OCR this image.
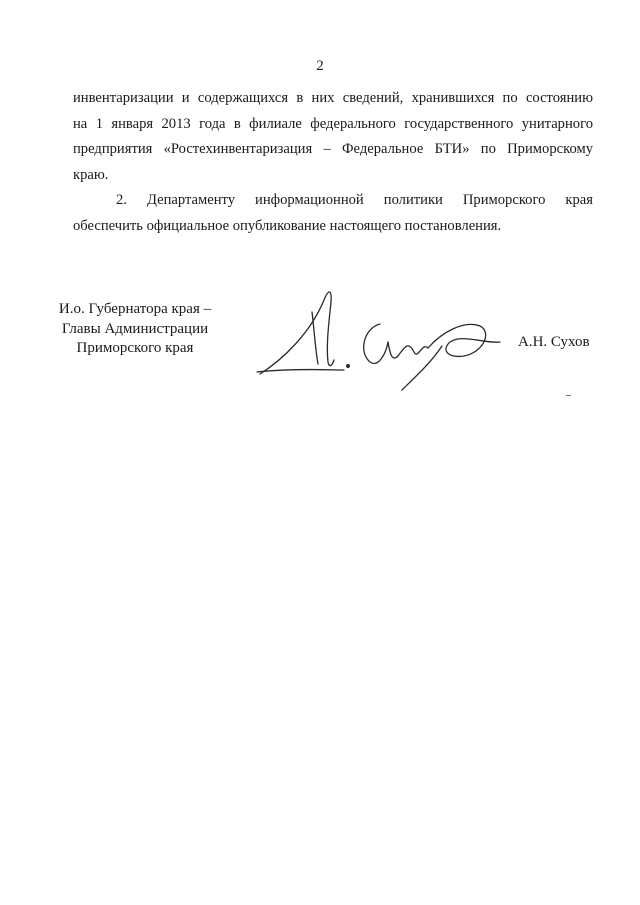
2

инвентаризации и содержащихся в них сведений, хранившихся по состоянию
на 1 января 2013 года в филиале федерального государственного унитарного
предприятия «Ростехинвентаризация – Федеральное БТИ» по Приморскому
краю.

2. Департаменту информационной политики Приморского края
обеспечить официальное опубликование настоящего постановления.

И.о. Губернатора края –
Главы Администрации
Приморского края	А.Н. Сухов
